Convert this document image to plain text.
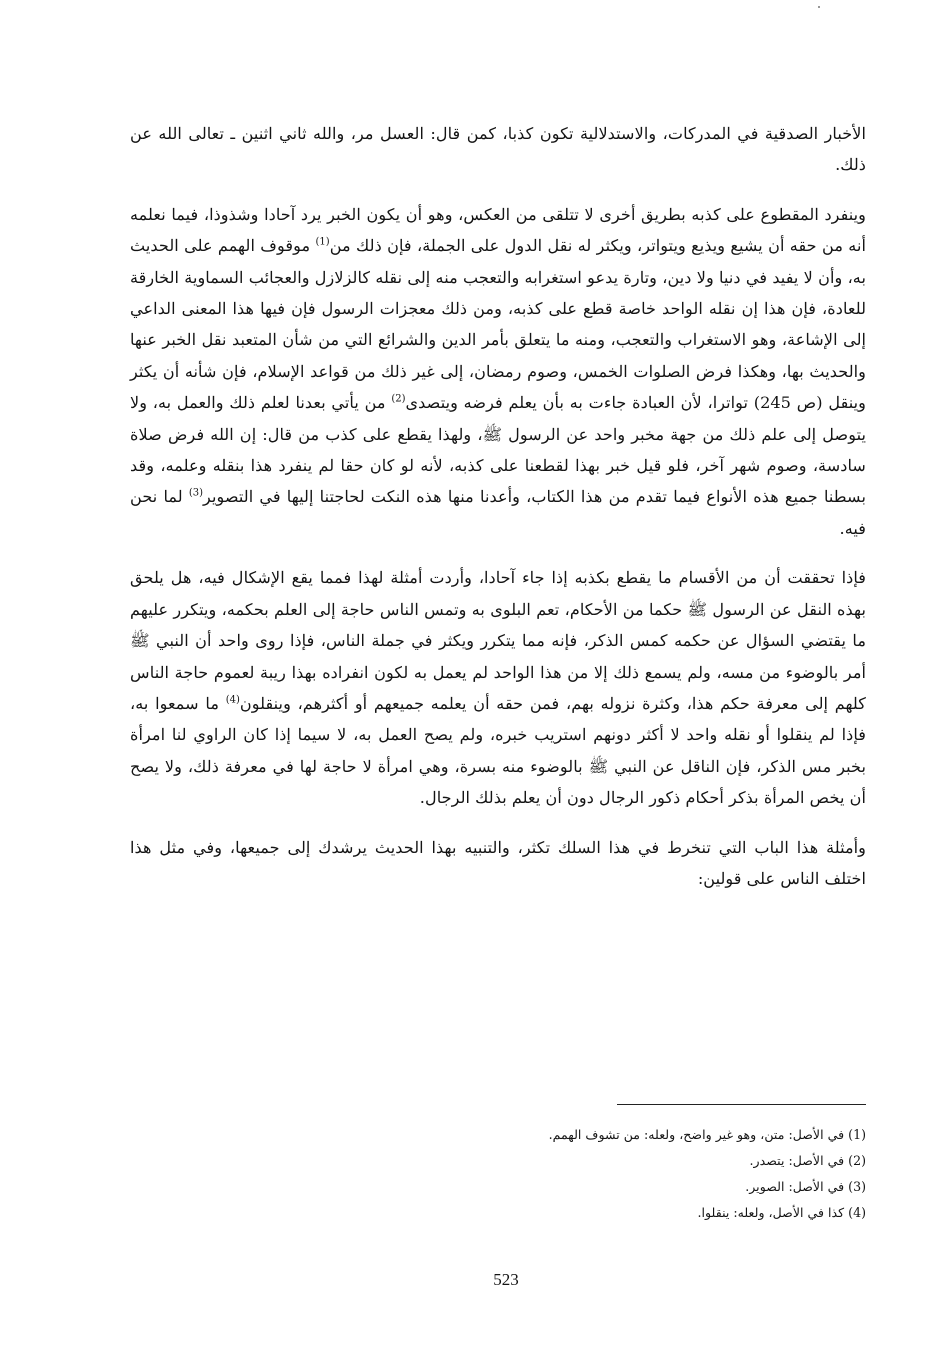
الأخبار الصدقية في المدركات، والاستدلالية تكون كذبا، كمن قال: العسل مر، والله ثاني اثنين ـ تعالى الله عن ذلك.

وينفرد المقطوع على كذبه بطريق أخرى لا تتلقى من العكس، وهو أن يكون الخبر يرد آحادا وشذوذا، فيما نعلمه أنه من حقه أن يشيع ويذيع ويتواتر، ويكثر له نقل الدول على الجملة، فإن ذلك من$^{(1)}$ موقوف الهمم على الحديث به، وأن لا يفيد في دنيا ولا دين، وتارة يدعو استغرابه والتعجب منه إلى نقله كالزلازل والعجائب السماوية الخارقة للعادة، فإن هذا إن نقله الواحد خاصة قطع على كذبه، ومن ذلك معجزات الرسول فإن فيها هذا المعنى الداعي إلى الإشاعة، وهو الاستغراب والتعجب، ومنه ما يتعلق بأمر الدين والشرائع التي من شأن المتعبد نقل الخبر عنها والحديث بها، وهكذا فرض الصلوات الخمس، وصوم رمضان، إلى غير ذلك من قواعد الإسلام، فإن شأنه أن يكثر وينقل (ص 245) تواترا، لأن العبادة جاءت به بأن يعلم فرضه ويتصدى$^{(2)}$ من يأتي بعدنا لعلم ذلك والعمل به، ولا يتوصل إلى علم ذلك من جهة مخبر واحد عن الرسول ﷺ، ولهذا يقطع على كذب من قال: إن الله فرض صلاة سادسة، وصوم شهر آخر، فلو قيل خبر بهذا لقطعنا على كذبه، لأنه لو كان حقا لم ينفرد هذا بنقله وعلمه، وقد بسطنا جميع هذه الأنواع فيما تقدم من هذا الكتاب، وأعدنا منها هذه النكت لحاجتنا إليها في التصوير$^{(3)}$ لما نحن فيه.

فإذا تحققت أن من الأقسام ما يقطع بكذبه إذا جاء آحادا، وأردت أمثلة لهذا فمما يقع الإشكال فيه، هل يلحق بهذه النقل عن الرسول ﷺ حكما من الأحكام، تعم البلوى به وتمس الناس حاجة إلى العلم بحكمه، ويتكرر عليهم ما يقتضي السؤال عن حكمه كمس الذكر، فإنه مما يتكرر ويكثر في جملة الناس، فإذا روى واحد أن النبي ﷺ أمر بالوضوء من مسه، ولم يسمع ذلك إلا من هذا الواحد لم يعمل به لكون انفراده بهذا ريبة لعموم حاجة الناس كلهم إلى معرفة حكم هذا، وكثرة نزوله بهم، فمن حقه أن يعلمه جميعهم أو أكثرهم، وينقلون$^{(4)}$ ما سمعوا به، فإذا لم ينقلوا أو نقله واحد لا أكثر دونهم استريب خبره، ولم يصح العمل به، لا سيما إذا كان الراوي لنا امرأة بخبر مس الذكر، فإن الناقل عن النبي ﷺ بالوضوء منه بسرة، وهي امرأة لا حاجة لها في معرفة ذلك، ولا يصح أن يخص المرأة بذكر أحكام ذكور الرجال دون أن يعلم بذلك الرجال.

وأمثلة هذا الباب التي تنخرط في هذا السلك تكثر، والتنبيه بهذا الحديث يرشدك إلى جميعها، وفي مثل هذا اختلف الناس على قولين:

(1) في الأصل: متن، وهو غير واضح، ولعله: من تشوف الهمم.

(2) في الأصل: يتصدر.

(3) في الأصل: الصوير.

(4) كذا في الأصل، ولعله: ينقلوا.

523
